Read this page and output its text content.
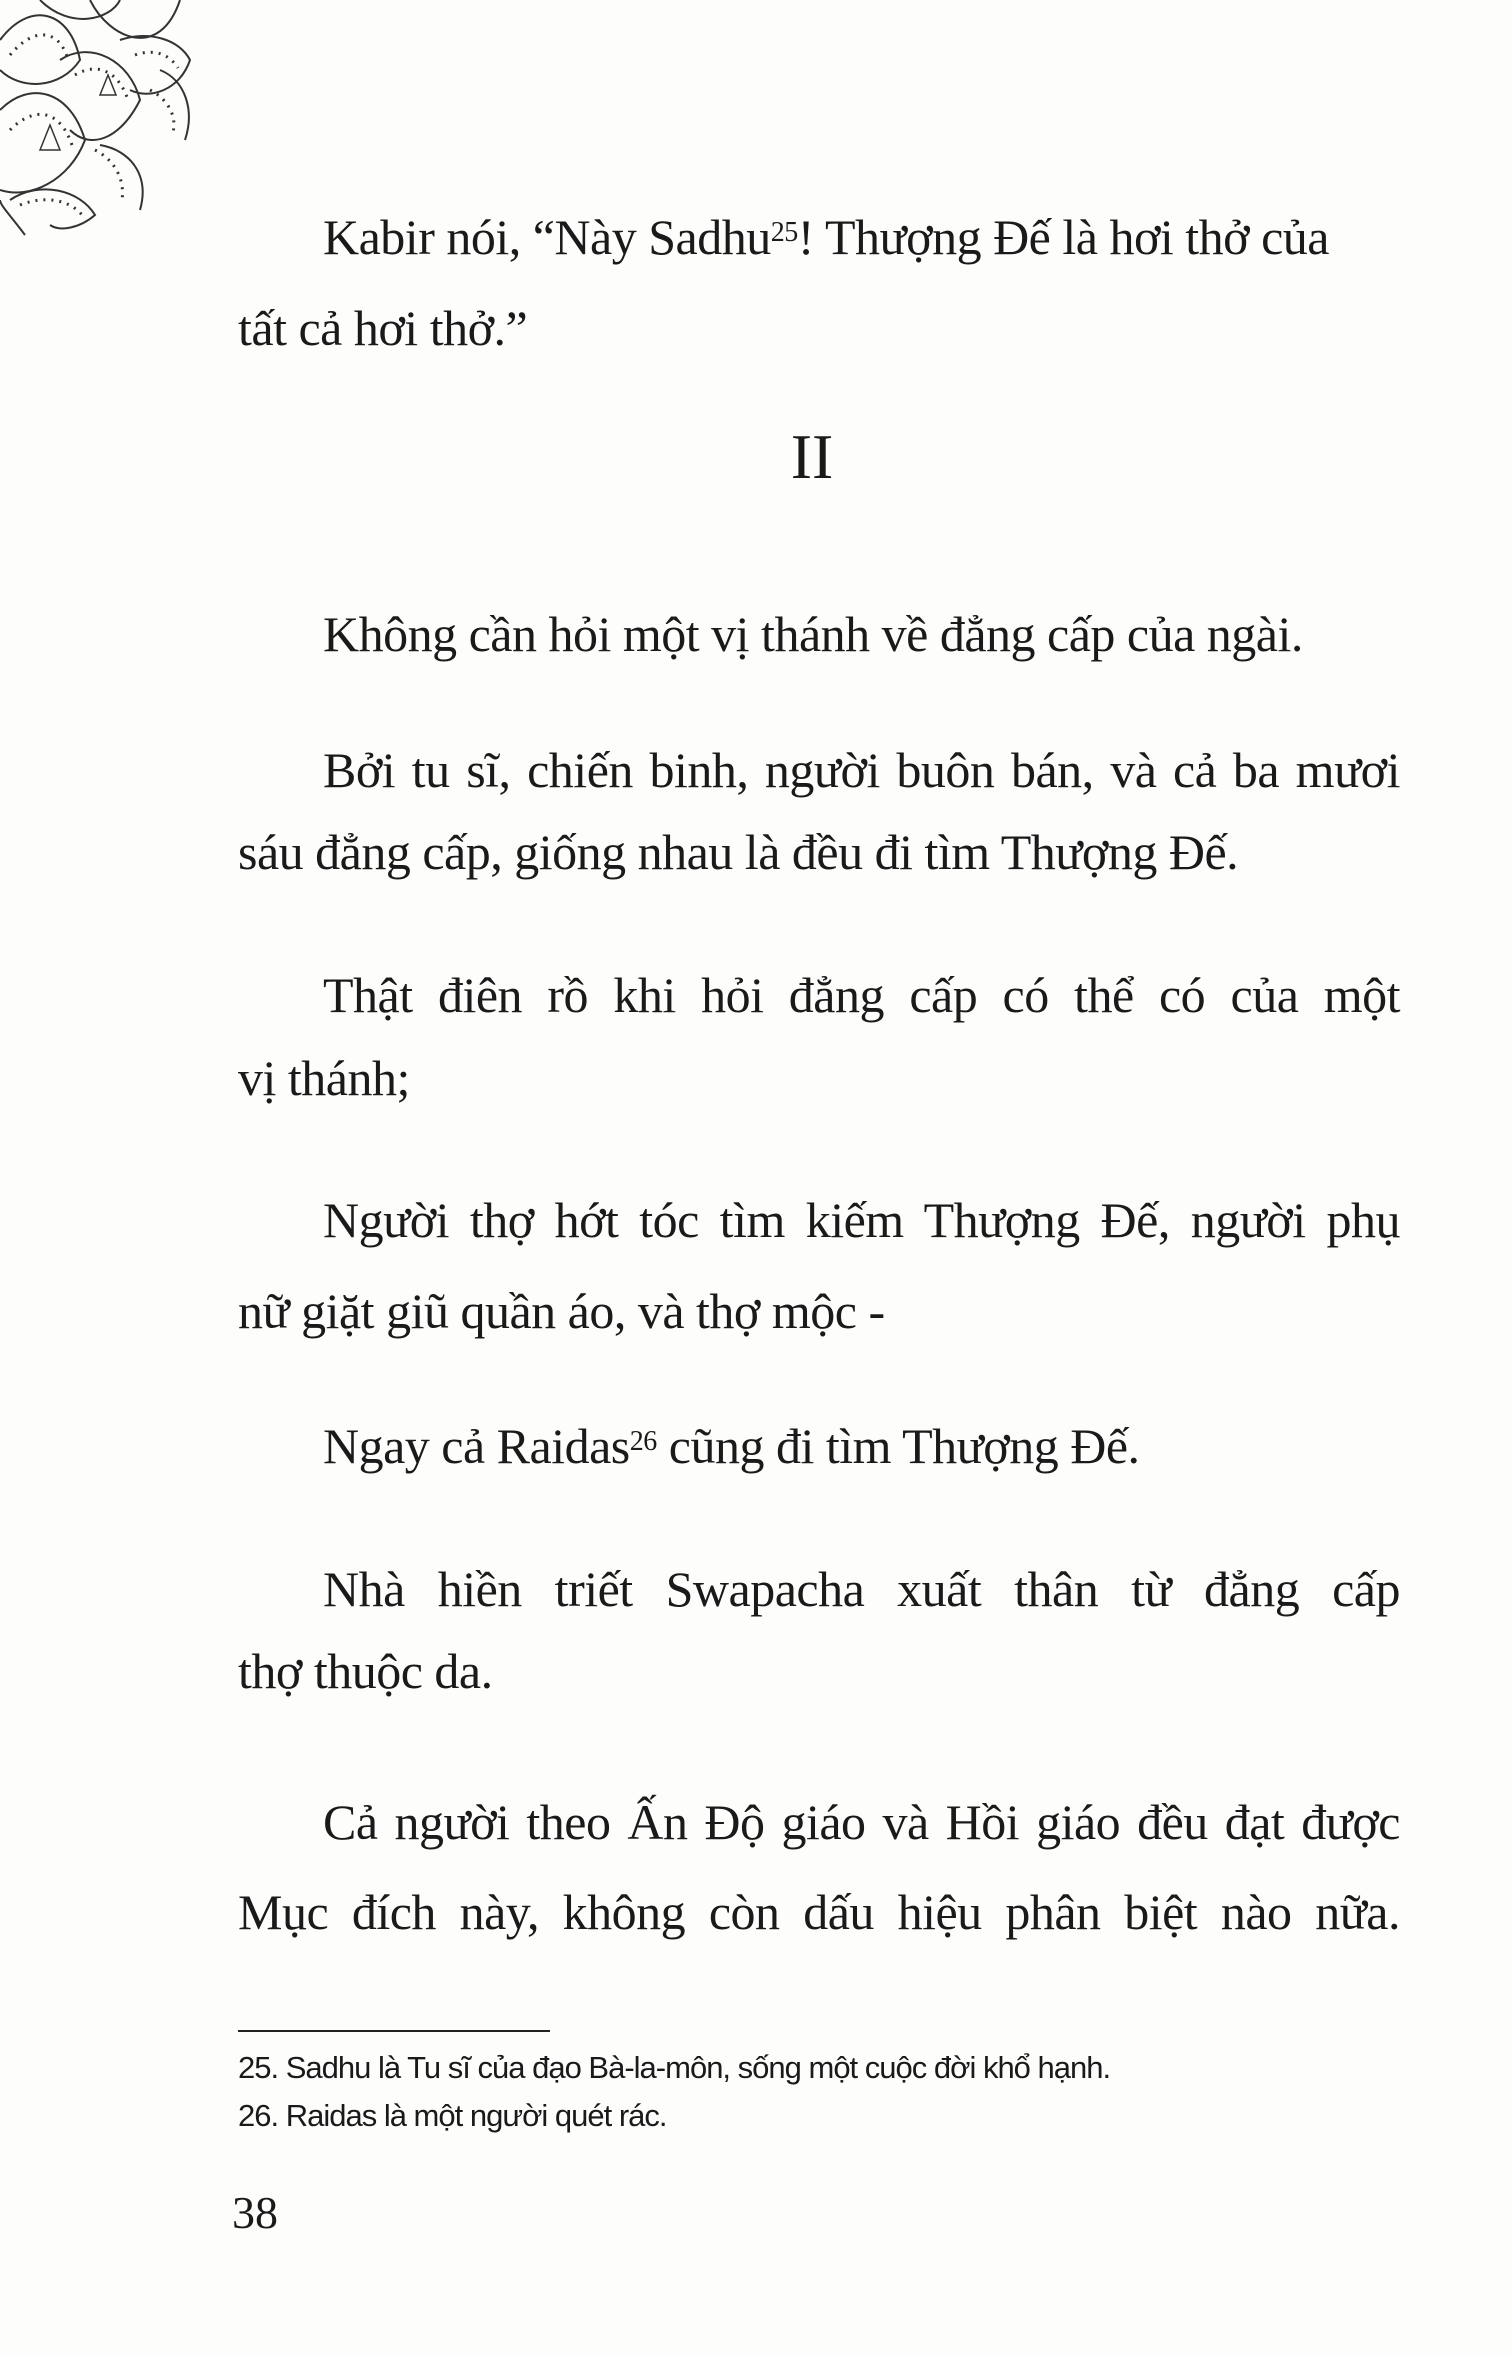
Kabir nói, “Này Sadhu$^{25}$! Thượng Đế là hơi thở của
tất cả hơi thở.”
II
Không cần hỏi một vị thánh về đẳng cấp của ngài.
Bởi tu sĩ, chiến binh, người buôn bán, và cả ba mươi
sáu đẳng cấp, giống nhau là đều đi tìm Thượng Đế.
Thật điên rồ khi hỏi đẳng cấp có thể có của một
vị thánh;
Người thợ hớt tóc tìm kiếm Thượng Đế, người phụ
nữ giặt giũ quần áo, và thợ mộc -
Ngay cả Raidas$^{26}$ cũng đi tìm Thượng Đế.
Nhà hiền triết Swapacha xuất thân từ đẳng cấp
thợ thuộc da.
Cả người theo Ấn Độ giáo và Hồi giáo đều đạt được
Mục đích này, không còn dấu hiệu phân biệt nào nữa.
25. Sadhu là Tu sĩ của đạo Bà-la-môn, sống một cuộc đời khổ hạnh.
26. Raidas là một người quét rác.
38
